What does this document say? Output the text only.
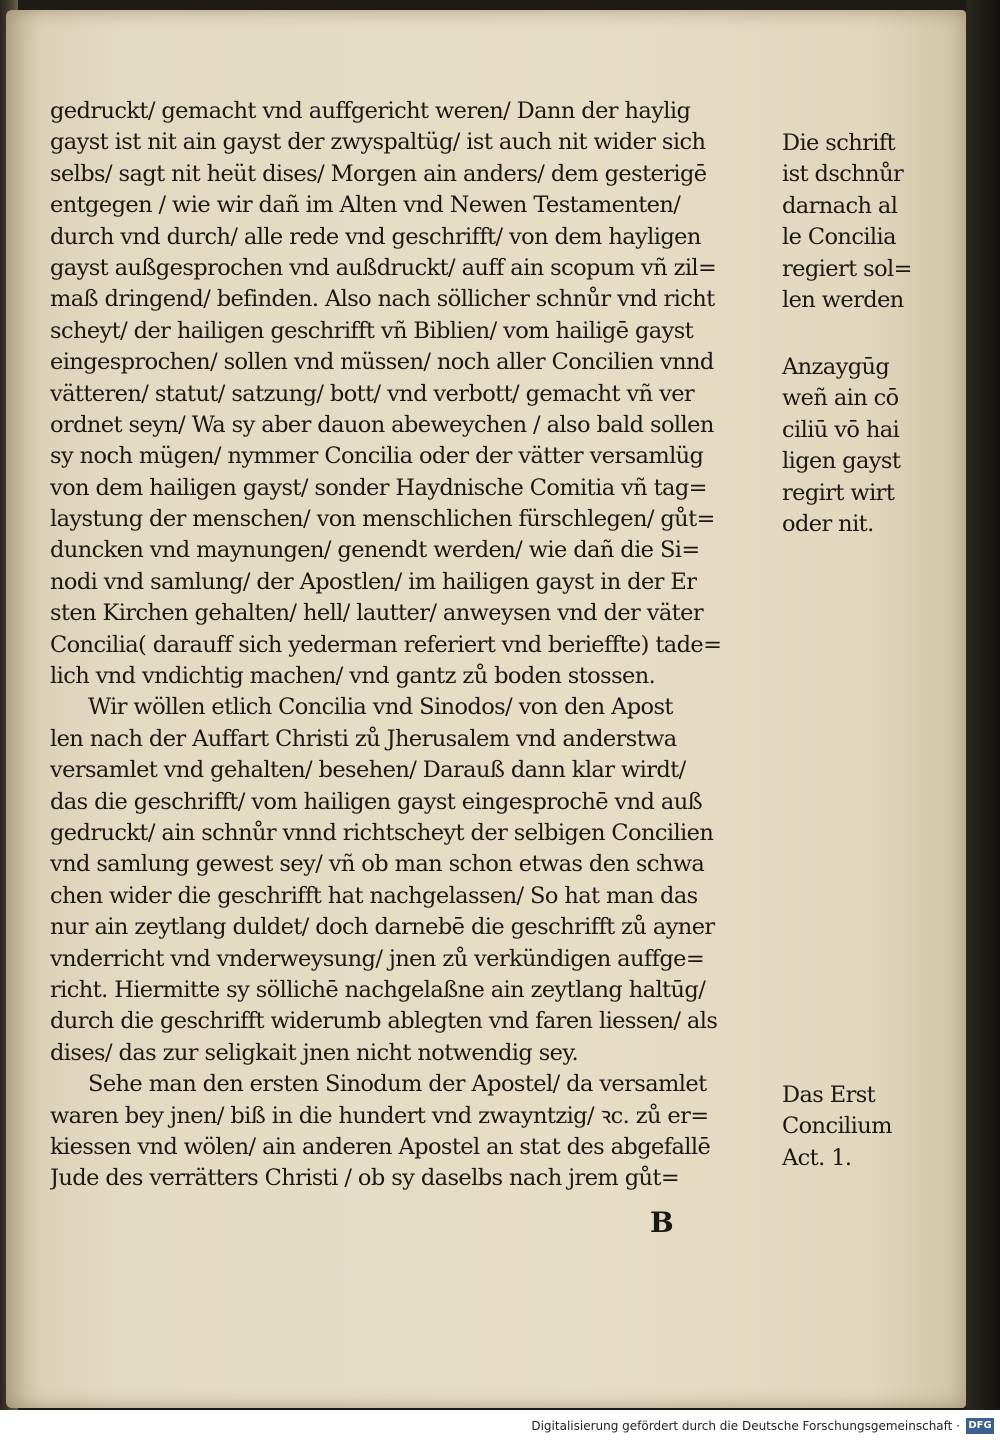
gedruckt/ gemacht vnd auffgericht weren/ Dann der haylig
gayst ist nit ain gayst der zwyspaltüg/ ist auch nit wider sich
selbs/ sagt nit heüt dises/ Morgen ain anders/ dem gesterigē
entgegen / wie wir dañ im Alten vnd Newen Testamenten/
durch vnd durch/ alle rede vnd geschrifft/ von dem hayligen
gayst außgesprochen vnd außdruckt/ auff ain scopum vñ zil=
maß dringend/ befinden. Also nach söllicher schnůr vnd richt
scheyt/ der hailigen geschrifft vñ Biblien/ vom hailigē gayst
eingesprochen/ sollen vnd müssen/ noch aller Concilien vnnd
vätteren/ statut/ satzung/ bott/ vnd verbott/ gemacht vñ ver
ordnet seyn/ Wa sy aber dauon abeweychen / also bald sollen
sy noch mügen/ nymmer Concilia oder der vätter versamlüg
von dem hailigen gayst/ sonder Haydnische Comitia vñ tag=
laystung der menschen/ von menschlichen fürschlegen/ gůt=
duncken vnd maynungen/ genendt werden/ wie dañ die Si=
nodi vnd samlung/ der Apostlen/ im hailigen gayst in der Er
sten Kirchen gehalten/ hell/ lautter/ anweysen vnd der väter
Concilia( darauff sich yederman referiert vnd berieffte) tade=
lich vnd vndichtig machen/ vnd gantz zů boden stossen.
Wir wöllen etlich Concilia vnd Sinodos/ von den Apost
len nach der Auffart Christi zů Jherusalem vnd anderstwa
versamlet vnd gehalten/ besehen/ Darauß dann klar wirdt/
das die geschrifft/ vom hailigen gayst eingesprochē vnd auß
gedruckt/ ain schnůr vnnd richtscheyt der selbigen Concilien
vnd samlung gewest sey/ vñ ob man schon etwas den schwa
chen wider die geschrifft hat nachgelassen/ So hat man das
nur ain zeytlang duldet/ doch darnebē die geschrifft zů ayner
vnderricht vnd vnderweysung/ jnen zů verkündigen auffge=
richt. Hiermitte sy söllichē nachgelaßne ain zeytlang haltūg/
durch die geschrifft widerumb ablegten vnd faren liessen/ als
dises/ das zur seligkait jnen nicht notwendig sey.
Sehe man den ersten Sinodum der Apostel/ da versamlet
waren bey jnen/ biß in die hundert vnd zwayntzig/ ꝛc. zů er=
kiessen vnd wölen/ ain anderen Apostel an stat des abgefallē
Jude des verrätters Christi / ob sy daselbs nach jrem gůt=
Die schrift
ist dschnůr
darnach al
le Concilia
regiert sol=
len werden
Anzaygūg
weñ ain cō
ciliū vō hai
ligen gayst
regirt wirt
oder nit.
Das Erst
Concilium
Act. 1.
B
Digitalisierung gefördert durch die Deutsche Forschungsgemeinschaft · DFG
